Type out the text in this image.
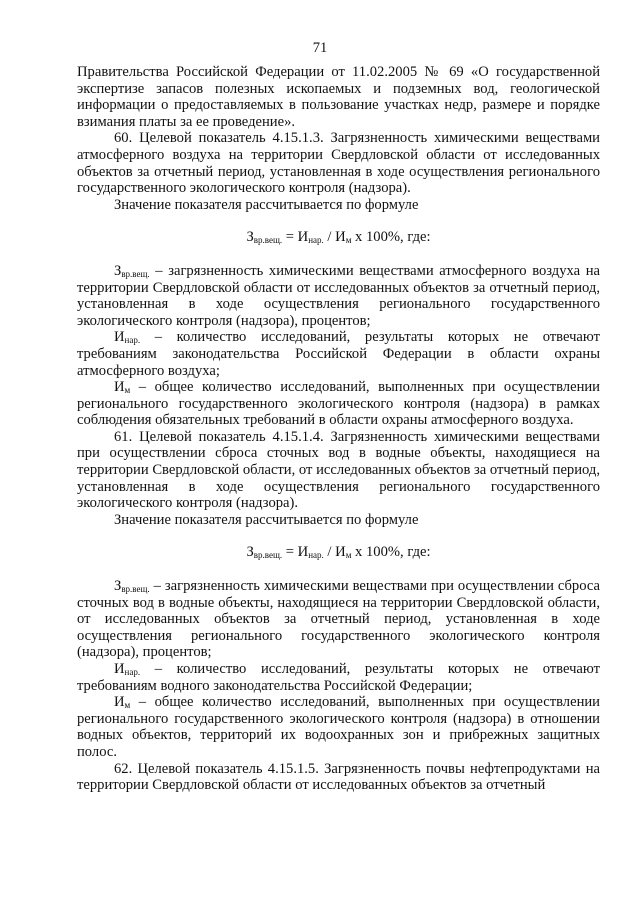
71

Правительства Российской Федерации от 11.02.2005 № 69 «О государственной экспертизе запасов полезных ископаемых и подземных вод, геологической информации о предоставляемых в пользование участках недр, размере и порядке взимания платы за ее проведение».

60. Целевой показатель 4.15.1.3. Загрязненность химическими веществами атмосферного воздуха на территории Свердловской области от исследованных объектов за отчетный период, установленная в ходе осуществления регионального государственного экологического контроля (надзора).

Значение показателя рассчитывается по формуле

$З_{вр.вещ.} = И_{нар.} / И_м$ х 100%, где:

$З_{вр.вещ.}$ – загрязненность химическими веществами атмосферного воздуха на территории Свердловской области от исследованных объектов за отчетный период, установленная в ходе осуществления регионального государственного экологического контроля (надзора), процентов;

$И_{нар.}$ – количество исследований, результаты которых не отвечают требованиям законодательства Российской Федерации в области охраны атмосферного воздуха;

$И_м$ – общее количество исследований, выполненных при осуществлении регионального государственного экологического контроля (надзора) в рамках соблюдения обязательных требований в области охраны атмосферного воздуха.

61. Целевой показатель 4.15.1.4. Загрязненность химическими веществами при осуществлении сброса сточных вод в водные объекты, находящиеся на территории Свердловской области, от исследованных объектов за отчетный период, установленная в ходе осуществления регионального государственного экологического контроля (надзора).

Значение показателя рассчитывается по формуле

$З_{вр.вещ.} = И_{нар.} / И_м$ х 100%, где:

$З_{вр.вещ.}$ – загрязненность химическими веществами при осуществлении сброса сточных вод в водные объекты, находящиеся на территории Свердловской области, от исследованных объектов за отчетный период, установленная в ходе осуществления регионального государственного экологического контроля (надзора), процентов;

$И_{нар.}$ – количество исследований, результаты которых не отвечают требованиям водного законодательства Российской Федерации;

$И_м$ – общее количество исследований, выполненных при осуществлении регионального государственного экологического контроля (надзора) в отношении водных объектов, территорий их водоохранных зон и прибрежных защитных полос.

62. Целевой показатель 4.15.1.5. Загрязненность почвы нефтепродуктами на территории Свердловской области от исследованных объектов за отчетный
